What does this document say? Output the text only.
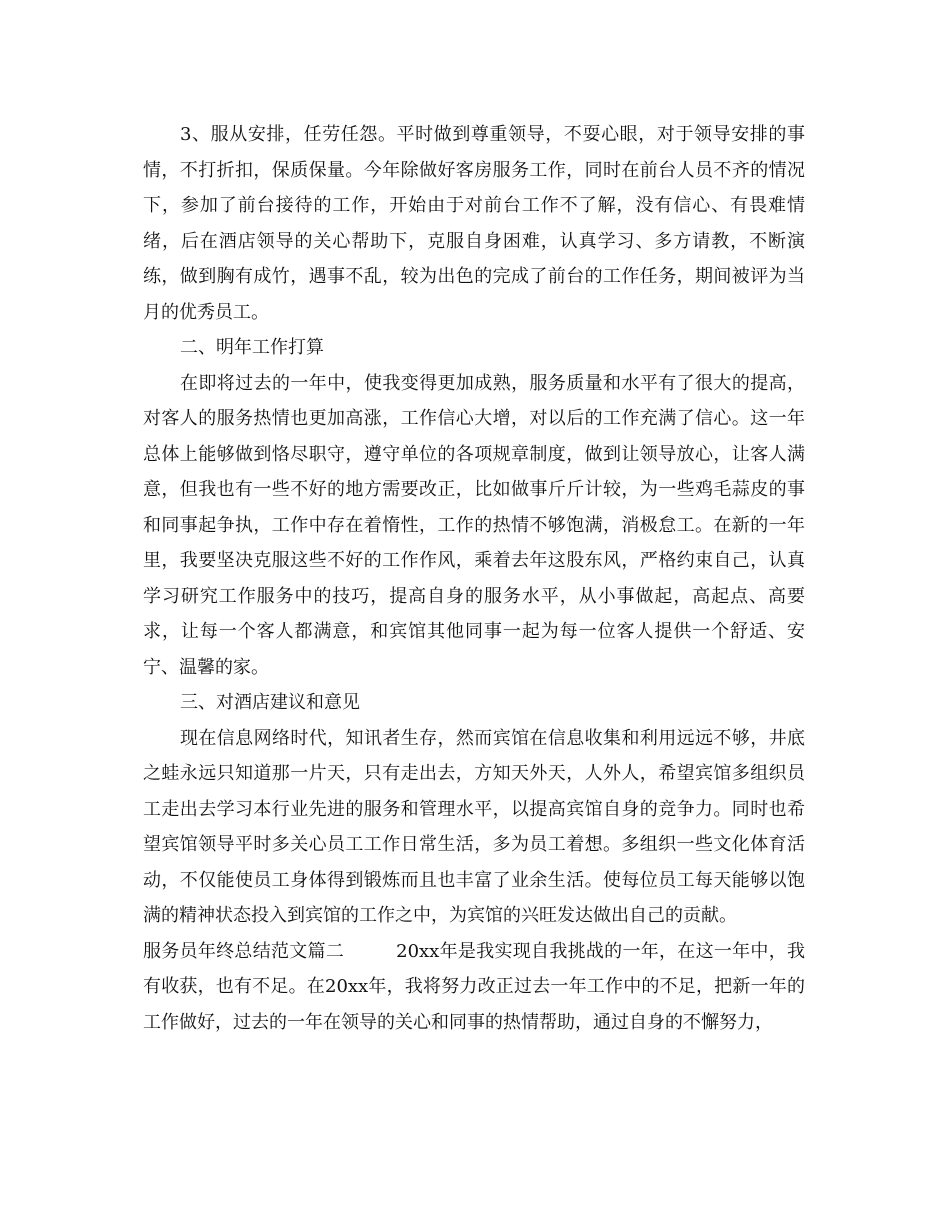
3、服从安排，任劳任怨。平时做到尊重领导，不耍心眼，对于领导安排的事情，不打折扣，保质保量。今年除做好客房服务工作，同时在前台人员不齐的情况下，参加了前台接待的工作，开始由于对前台工作不了解，没有信心、有畏难情绪，后在酒店领导的关心帮助下，克服自身困难，认真学习、多方请教，不断演练，做到胸有成竹，遇事不乱，较为出色的完成了前台的工作任务，期间被评为当月的优秀员工。

二、明年工作打算

在即将过去的一年中，使我变得更加成熟，服务质量和水平有了很大的提高，对客人的服务热情也更加高涨，工作信心大增，对以后的工作充满了信心。这一年总体上能够做到恪尽职守，遵守单位的各项规章制度，做到让领导放心，让客人满意，但我也有一些不好的地方需要改正，比如做事斤斤计较，为一些鸡毛蒜皮的事和同事起争执，工作中存在着惰性，工作的热情不够饱满，消极怠工。在新的一年里，我要坚决克服这些不好的工作作风，乘着去年这股东风，严格约束自己，认真学习研究工作服务中的技巧，提高自身的服务水平，从小事做起，高起点、高要求，让每一个客人都满意，和宾馆其他同事一起为每一位客人提供一个舒适、安宁、温馨的家。

三、对酒店建议和意见

现在信息网络时代，知讯者生存，然而宾馆在信息收集和利用远远不够，井底之蛙永远只知道那一片天，只有走出去，方知天外天，人外人，希望宾馆多组织员工走出去学习本行业先进的服务和管理水平，以提高宾馆自身的竞争力。同时也希望宾馆领导平时多关心员工工作日常生活，多为员工着想。多组织一些文化体育活动，不仅能使员工身体得到锻炼而且也丰富了业余生活。使每位员工每天能够以饱满的精神状态投入到宾馆的工作之中，为宾馆的兴旺发达做出自己的贡献。

服务员年终总结范文篇二	20xx年是我实现自我挑战的一年，在这一年中，我有收获，也有不足。在20xx年，我将努力改正过去一年工作中的不足，把新一年的工作做好，过去的一年在领导的关心和同事的热情帮助，通过自身的不懈努力，
